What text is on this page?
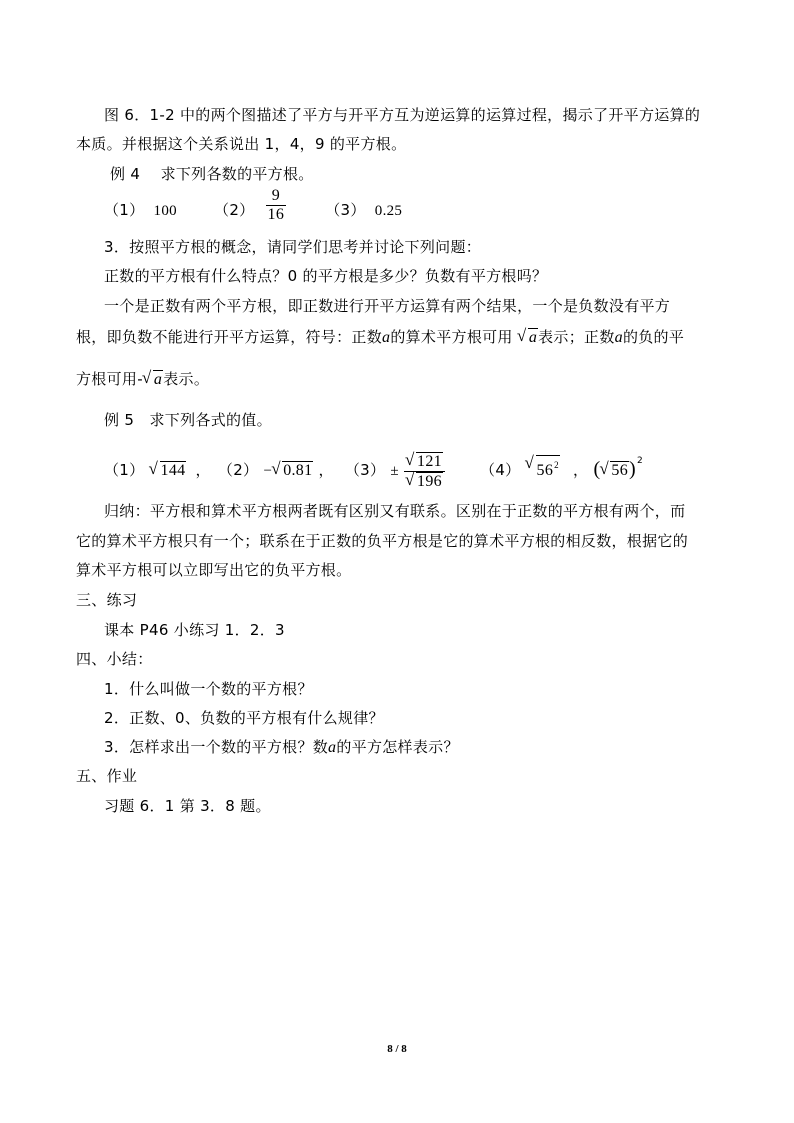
图 6．1-2 中的两个图描述了平方与开平方互为逆运算的运算过程，揭示了开平方运算的
本质。并根据这个关系说出 1，4，9 的平方根。
例 4　 求下列各数的平方根。
（1） 100 $(2) \frac{9}{16}$	（3） 0.25
3．按照平方根的概念，请同学们思考并讨论下列问题：
正数的平方根有什么特点？0 的平方根是多少？负数有平方根吗？
一个是正数有两个平方根，即正数进行开平方运算有两个结果，一个是负数没有平方
根，即负数不能进行开平方运算，符号：正数a的算术平方根可用 √ a表示；正数a的负的平
方根可用- √ a表示。
例 5　求下列各式的值。
（1） √ 144 ， （2） − √ 0.81 ， （3） ± √ 121
√ 196 （4） √ $56^2$ ， ( √ 56)$^2$
归纳：平方根和算术平方根两者既有区别又有联系。区别在于正数的平方根有两个，而
它的算术平方根只有一个；联系在于正数的负平方根是它的算术平方根的相反数，根据它的
算术平方根可以立即写出它的负平方根。
三、练习
课本 P46 小练习 1．2．3
四、小结：
1．什么叫做一个数的平方根？
2．正数、0、负数的平方根有什么规律？
3．怎样求出一个数的平方根？数a的平方怎样表示？
五、作业
习题 6．1 第 3．8 题。
8 / 8
